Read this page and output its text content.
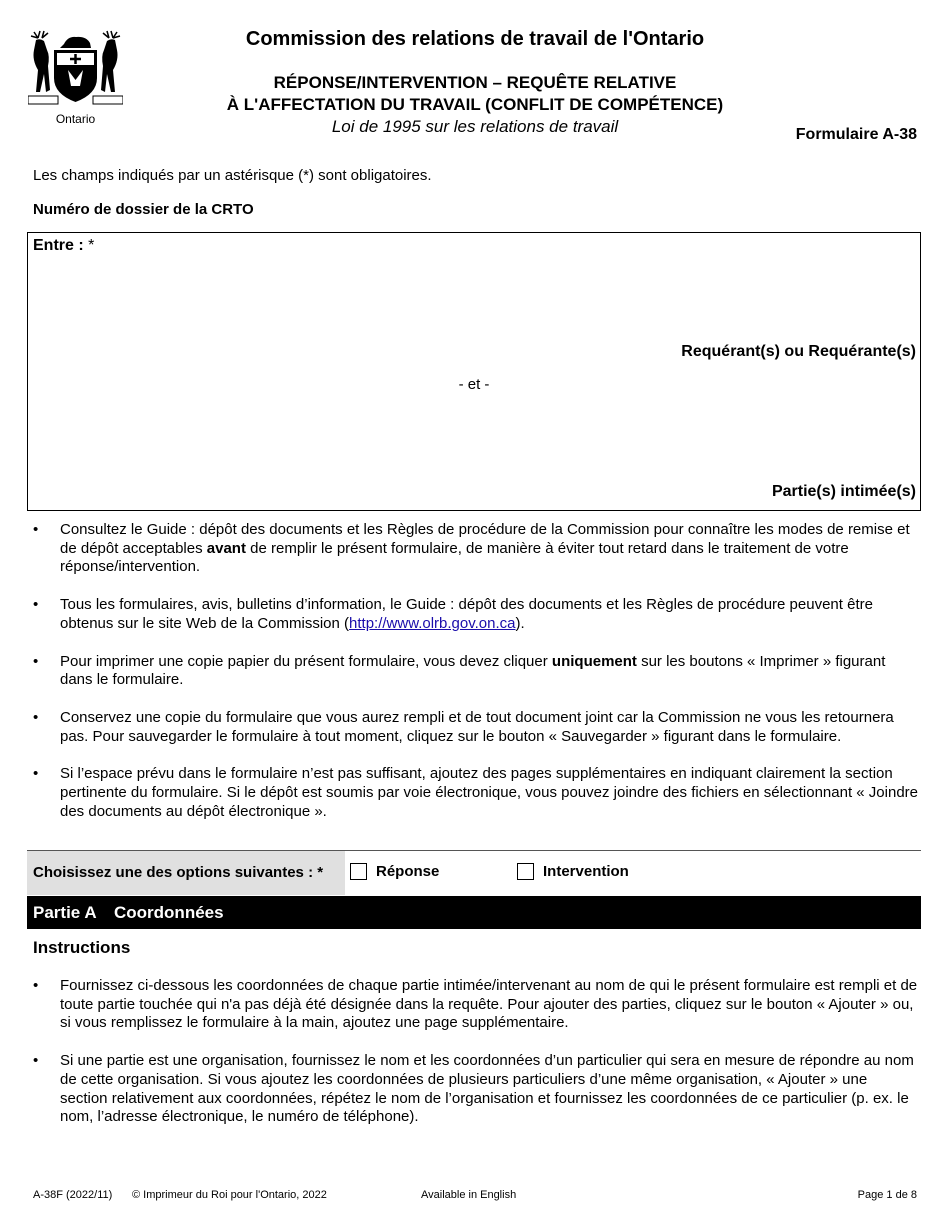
Ontario
Commission des relations de travail de l'Ontario
RÉPONSE/INTERVENTION – REQUÊTE RELATIVE
À L'AFFECTATION DU TRAVAIL (CONFLIT DE COMPÉTENCE)
Loi de 1995 sur les relations de travail	Formulaire A-38
Les champs indiqués par un astérisque (*) sont obligatoires.
Numéro de dossier de la CRTO
Entre : *
Requérant(s) ou Requérante(s)
- et -
Partie(s) intimée(s)
• Consultez le Guide : dépôt des documents et les Règles de procédure de la Commission pour connaître les modes de remise et de dépôt acceptables avant de remplir le présent formulaire, de manière à éviter tout retard dans le traitement de votre réponse/intervention.
• Tous les formulaires, avis, bulletins d’information, le Guide : dépôt des documents et les Règles de procédure peuvent être obtenus sur le site Web de la Commission (http://www.olrb.gov.on.ca).
• Pour imprimer une copie papier du présent formulaire, vous devez cliquer uniquement sur les boutons « Imprimer » figurant dans le formulaire.
• Conservez une copie du formulaire que vous aurez rempli et de tout document joint car la Commission ne vous les retournera pas. Pour sauvegarder le formulaire à tout moment, cliquez sur le bouton « Sauvegarder » figurant dans le formulaire.
• Si l’espace prévu dans le formulaire n’est pas suffisant, ajoutez des pages supplémentaires en indiquant clairement la section pertinente du formulaire. Si le dépôt est soumis par voie électronique, vous pouvez joindre des fichiers en sélectionnant « Joindre des documents au dépôt électronique ».
Choisissez une des options suivantes : *	Réponse	Intervention
Partie A Coordonnées
Instructions
• Fournissez ci-dessous les coordonnées de chaque partie intimée/intervenant au nom de qui le présent formulaire est rempli et de toute partie touchée qui n'a pas déjà été désignée dans la requête. Pour ajouter des parties, cliquez sur le bouton « Ajouter » ou, si vous remplissez le formulaire à la main, ajoutez une page supplémentaire.
• Si une partie est une organisation, fournissez le nom et les coordonnées d’un particulier qui sera en mesure de répondre au nom de cette organisation. Si vous ajoutez les coordonnées de plusieurs particuliers d’une même organisation, « Ajouter » une section relativement aux coordonnées, répétez le nom de l’organisation et fournissez les coordonnées de ce particulier (p. ex. le nom, l’adresse électronique, le numéro de téléphone).
A-38F (2022/11) © Imprimeur du Roi pour l'Ontario, 2022	Available in English	Page 1 de 8
